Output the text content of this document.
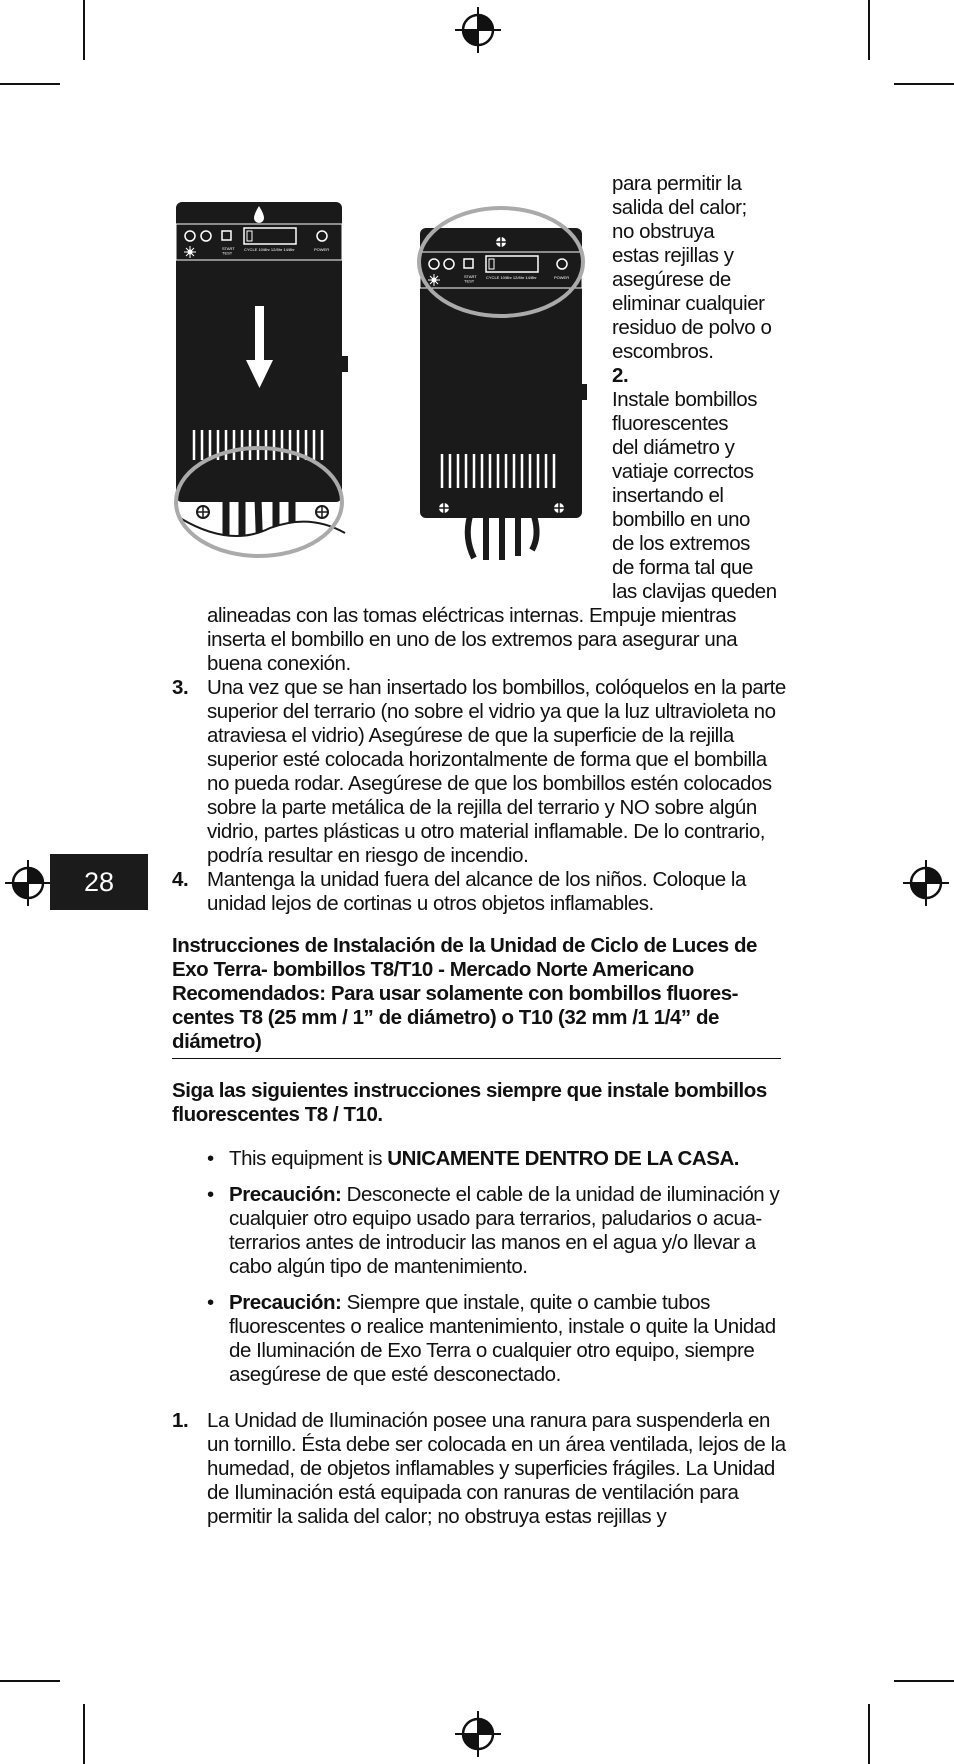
28
START TEST
CYCLE 10/8hr 12/8hr 14/8hr	POWER
START TEST
CYCLE 10/8hr 12/8hr 14/8hr	POWER
para permitir la
salida del calor;
no obstruya
estas rejillas y
asegúrese de
eliminar cualquier
residuo de polvo o
escombros.
2.
Instale bombillos
fluorescentes
del diámetro y
vatiaje correctos
insertando el
bombillo en uno
de los extremos
de forma tal que
las clavijas queden
alineadas con las tomas eléctricas internas. Empuje mientras inserta el bombillo en uno de los extremos para asegurar una buena conexión.
3. Una vez que se han insertado los bombillos, colóquelos en la parte superior del terrario (no sobre el vidrio ya que la luz ultravioleta no atraviesa el vidrio) Asegúrese de que la superficie de la rejilla superior esté colocada horizontalmente de forma que el bombilla no pueda rodar. Asegúrese de que los bombillos estén colocados sobre la parte metálica de la rejilla del terrario y NO sobre algún vidrio, partes plásticas u otro material inflamable. De lo contrario, podría resultar en riesgo de incendio.
4. Mantenga la unidad fuera del alcance de los niños. Coloque la unidad lejos de cortinas u otros objetos inflamables.
Instrucciones de Instalación de la Unidad de Ciclo de Luces de Exo Terra- bombillos T8/T10 - Mercado Norte Americano Recomendados: Para usar solamente con bombillos fluores-centes T8 (25 mm / 1” de diámetro) o T10 (32 mm /1 1/4” de diámetro)
Siga las siguientes instrucciones siempre que instale bombillos fluorescentes T8 / T10.
• This equipment is UNICAMENTE DENTRO DE LA CASA.
• Precaución: Desconecte el cable de la unidad de iluminación y cualquier otro equipo usado para terrarios, paludarios o acua-terrarios antes de introducir las manos en el agua y/o llevar a cabo algún tipo de mantenimiento.
• Precaución: Siempre que instale, quite o cambie tubos fluorescentes o realice mantenimiento, instale o quite la Unidad de Iluminación de Exo Terra o cualquier otro equipo, siempre asegúrese de que esté desconectado.
1. La Unidad de Iluminación posee una ranura para suspenderla en un tornillo. Ésta debe ser colocada en un área ventilada, lejos de la humedad, de objetos inflamables y superficies frágiles. La Unidad de Iluminación está equipada con ranuras de ventilación para permitir la salida del calor; no obstruya estas rejillas y
